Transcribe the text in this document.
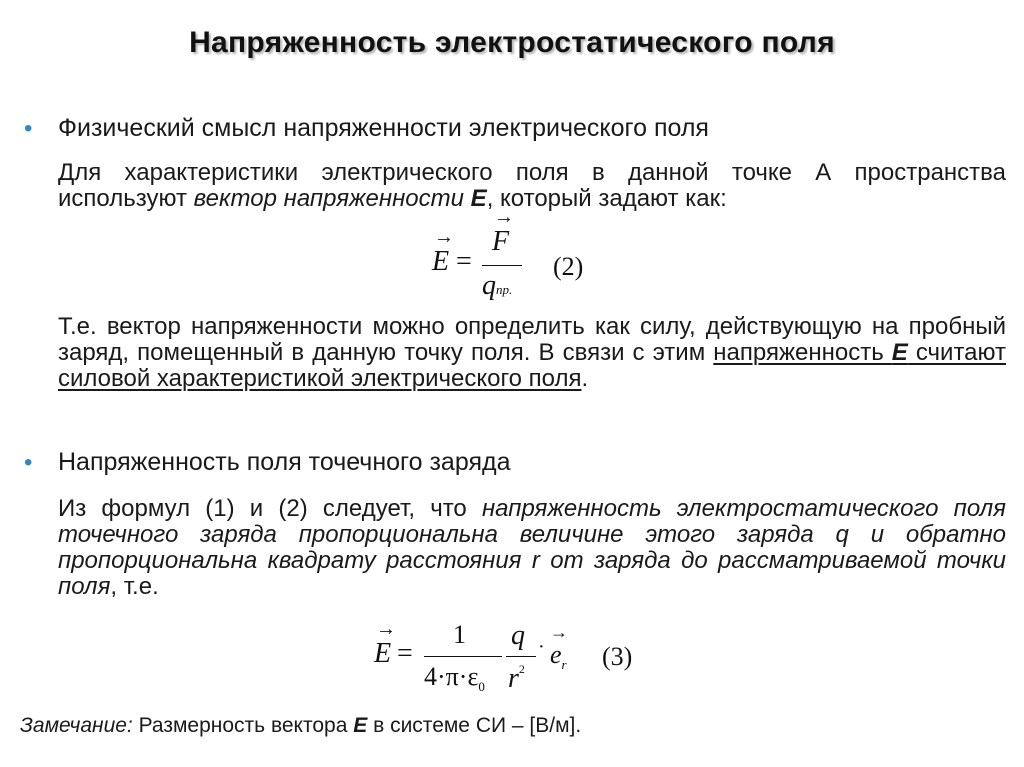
Напряженность электростатического поля
• Физический смысл напряженности электрического поля
Для характеристики электрического поля в данной точке А пространства используют вектор напряженности E, который задают как:
→
E =
→
F
qпр.
(2)
Т.е. вектор напряженности можно определить как силу, действующую на пробный заряд, помещенный в данную точку поля. В связи с этим напряженность E считают силовой характеристикой электрического поля.
• Напряженность поля точечного заряда
Из формул (1) и (2) следует, что напряженность электростатического поля точечного заряда пропорциональна величине этого заряда q и обратно пропорциональна квадрату расстояния r от заряда до рассматриваемой точки поля, т.е.
→
E =
1
$4\cdot\pi\cdot\varepsilon_0$
q
$r^2$
·
→
$e_r$ (3)
Замечание: Размерность вектора E в системе СИ – [В/м].
